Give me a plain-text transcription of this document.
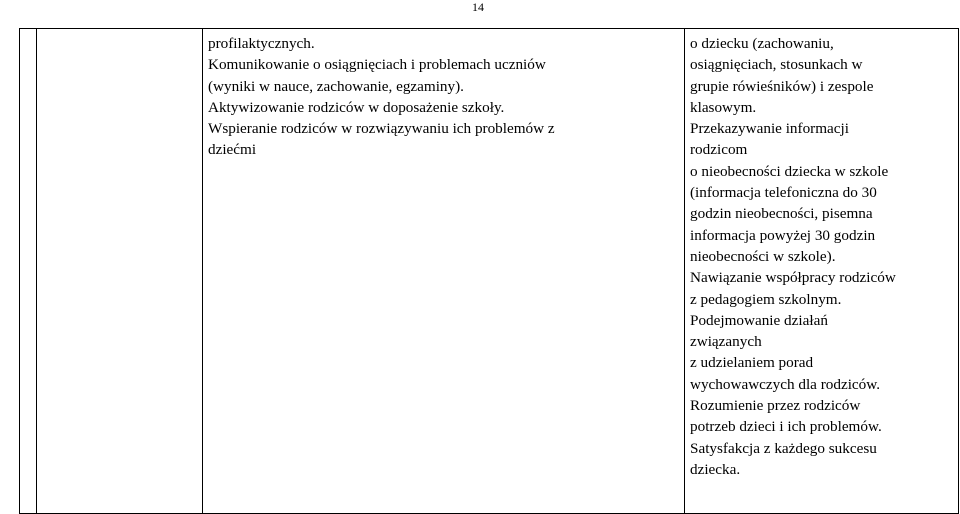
14

profilaktycznych.
Komunikowanie o osiągnięciach i problemach uczniów
(wyniki w nauce, zachowanie, egzaminy).
Aktywizowanie rodziców w doposażenie szkoły.
Wspieranie rodziców w rozwiązywaniu ich problemów z
dziećmi

o dziecku (zachowaniu,
osiągnięciach, stosunkach w
grupie rówieśników) i zespole
klasowym.
Przekazywanie informacji
rodzicom
o nieobecności dziecka w szkole
(informacja telefoniczna do 30
godzin nieobecności, pisemna
informacja powyżej 30 godzin
nieobecności w szkole).
Nawiązanie współpracy rodziców
z pedagogiem szkolnym.
Podejmowanie działań
związanych
z udzielaniem porad
wychowawczych dla rodziców.
Rozumienie przez rodziców
potrzeb dzieci i ich problemów.
Satysfakcja z każdego sukcesu
dziecka.
